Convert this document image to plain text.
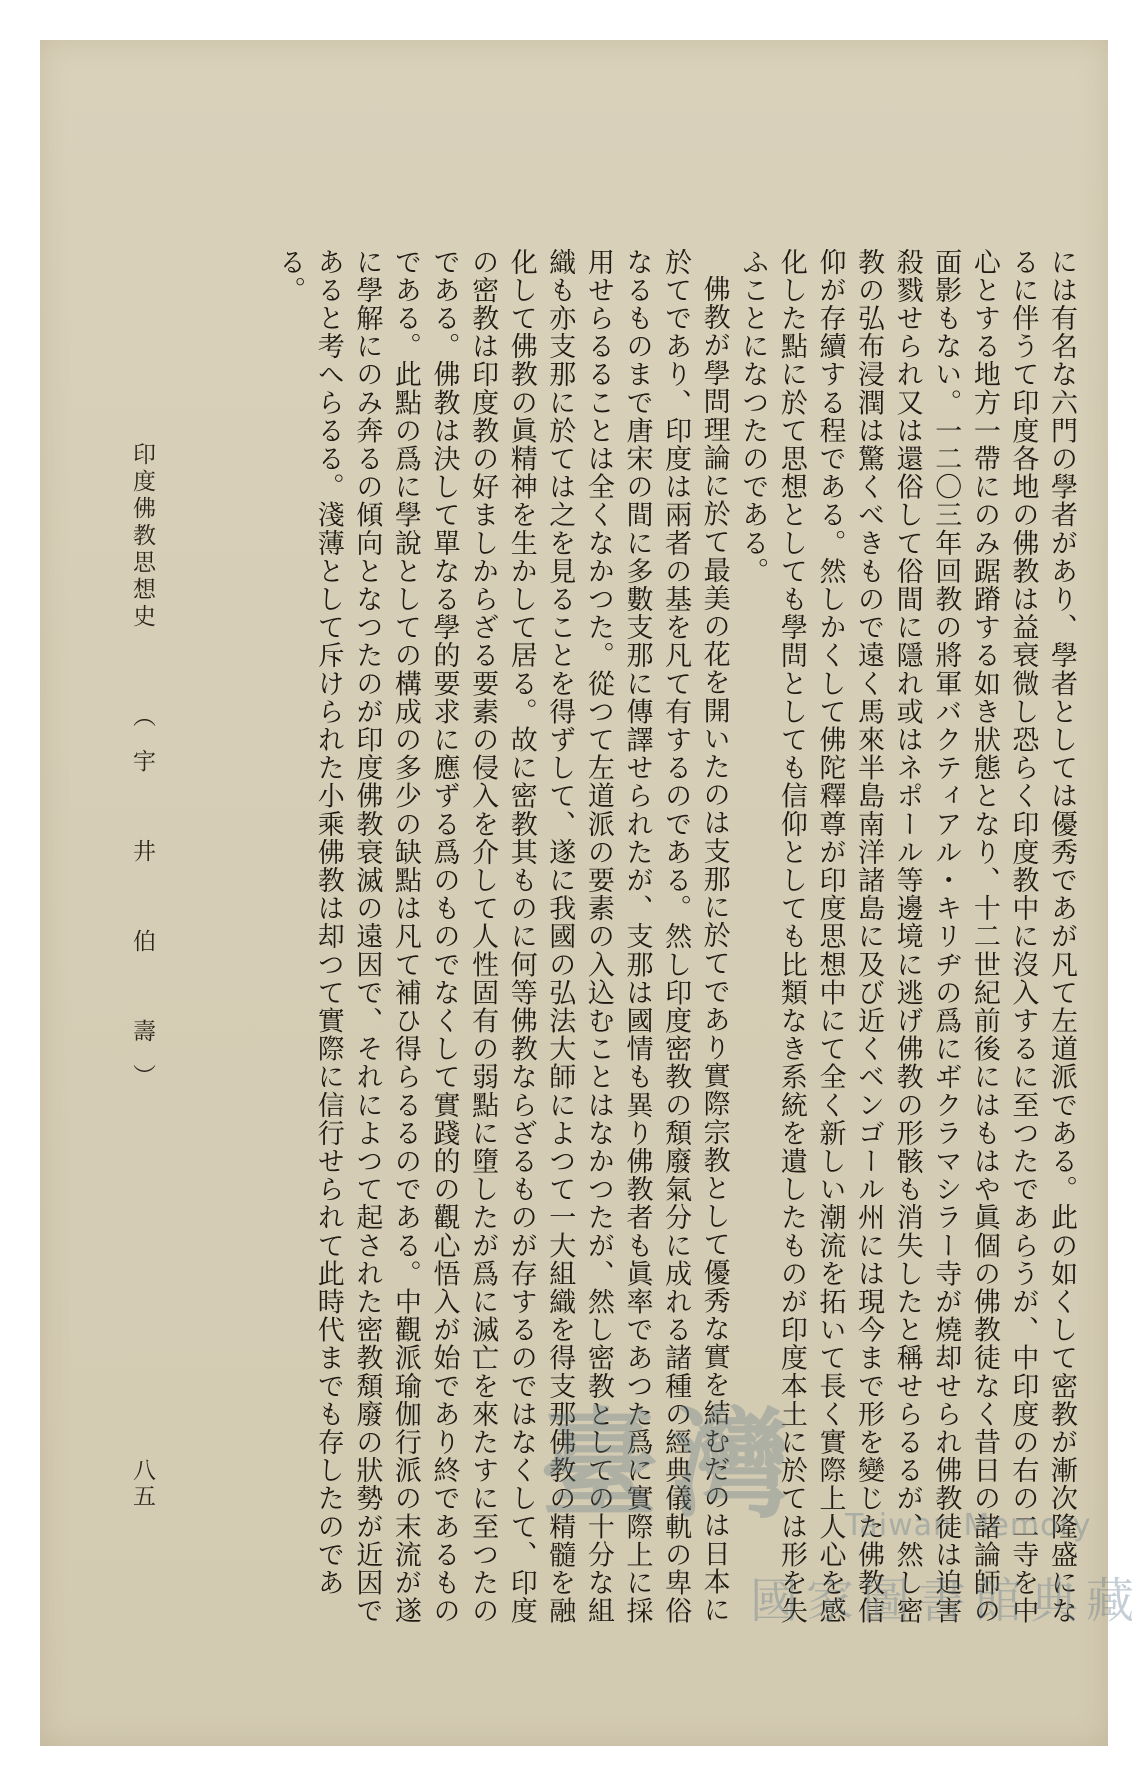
には有名な六門の學者があり、學者としては優秀であが凡て左道派である。此の如くして密教が漸次隆盛になるに伴うて印度各地の佛教は益衰微し恐らく印度教中に沒入するに至つたであらうが、中印度の右の二寺を中心とする地方一帶にのみ踞蹐する如き狀態となり、十二世紀前後にはもはや眞個の佛教徒なく昔日の諸論師の面影もない。一二〇三年回教の將軍バクティアル・キリヂの爲にヸクラマシラー寺が燒却せられ佛教徒は迫害殺戮せられ又は還俗して俗間に隱れ或はネポール等邊境に逃げ佛教の形骸も消失したと稱せらるるが、然し密教の弘布浸潤は驚くべきもので遠く馬來半島南洋諸島に及び近くベンゴール州には現今まで形を變じた佛教信仰が存續する程である。然しかくして佛陀釋尊が印度思想中にて全く新しい潮流を拓いて長く實際上人心を感化した點に於て思想としても學問としても信仰としても比類なき系統を遺したものが印度本土に於ては形を失ふことになつたのである。

佛教が學問理論に於て最美の花を開いたのは支那に於てであり實際宗教として優秀な實を結むだのは日本に於てであり、印度は兩者の基を凡て有するのである。然し印度密教の頽廢氣分に成れる諸種の經典儀軌の卑俗なるものまで唐宋の間に多數支那に傳譯せられたが、支那は國情も異り佛教者も眞率であつた爲に實際上に採用せらるることは全くなかつた。從つて左道派の要素の入込むことはなかつたが、然し密教としての十分な組織も亦支那に於ては之を見ることを得ずして、遂に我國の弘法大師によつて一大組織を得支那佛教の精髓を融化して佛教の眞精神を生かして居る。故に密教其ものに何等佛教ならざるものが存するのではなくして、印度の密教は印度教の好ましからざる要素の侵入を介して人性固有の弱點に墮したが爲に滅亡を來たすに至つたのである。佛教は決して單なる學的要求に應ずる爲のものでなくして實踐的の觀心悟入が始であり終であるものである。此點の爲に學說としての構成の多少の缺點は凡て補ひ得らるるのである。中觀派瑜伽行派の末流が遂に學解にのみ奔るの傾向となつたのが印度佛教衰滅の遠因で、それによつて起された密教頽廢の狀勢が近因であると考へらるる。淺薄として斥けられた小乘佛教は却つて實際に信行せられて此時代までも存したのである。

印度佛教思想史
（宇　井　伯　壽）
八五	臺灣 Taiwan Memory
國家圖書館典藏
